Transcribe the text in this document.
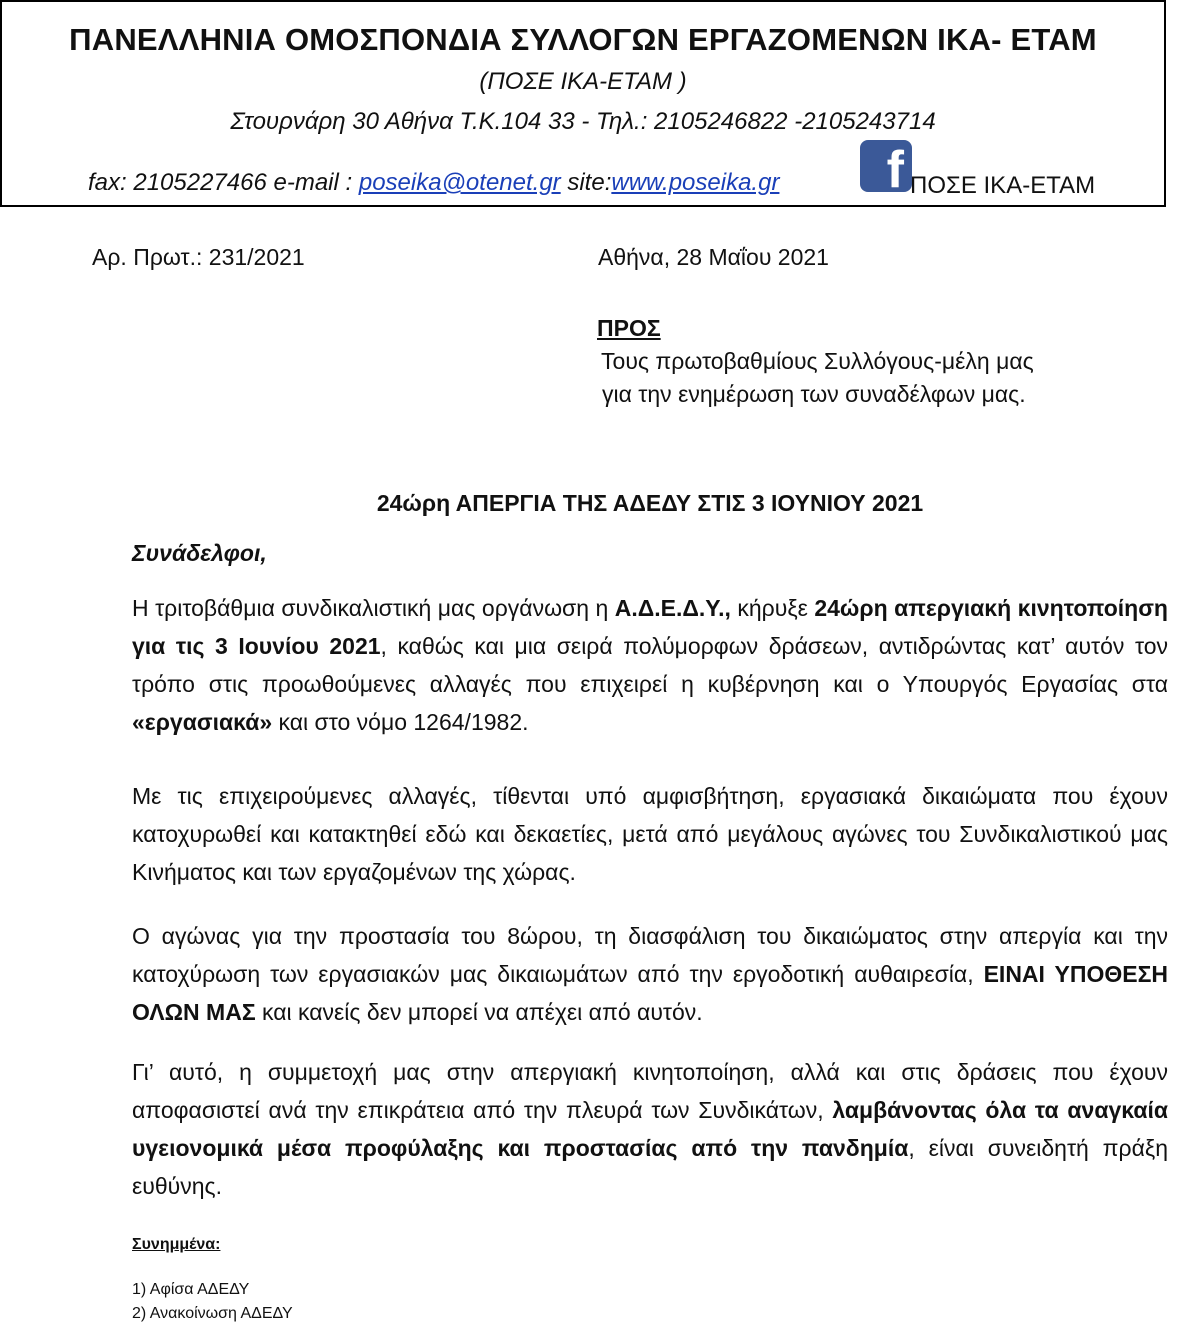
ΠΑΝΕΛΛΗΝΙΑ ΟΜΟΣΠΟΝΔΙΑ ΣΥΛΛΟΓΩΝ ΕΡΓΑΖΟΜΕΝΩΝ ΙΚΑ- ΕΤΑΜ
(ΠΟΣΕ ΙΚΑ-ΕΤΑΜ )
Στουρνάρη 30 Αθήνα Τ.Κ.104 33 - Τηλ.: 2105246822 -2105243714
fax: 2105227466 e-mail : poseika@otenet.gr site:www.poseika.gr f ΠΟΣΕ ΙΚΑ-ΕΤΑΜ
Αρ. Πρωτ.: 231/2021	Αθήνα, 28 Μαΐου 2021
ΠΡΟΣ
Τους πρωτοβαθμίους Συλλόγους-μέλη μας
για την ενημέρωση των συναδέλφων μας.
24ώρη ΑΠΕΡΓΙΑ ΤΗΣ ΑΔΕΔΥ ΣΤΙΣ 3 ΙΟΥΝΙΟΥ 2021
Συνάδελφοι,

Η τριτοβάθμια συνδικαλιστική μας οργάνωση η Α.Δ.Ε.Δ.Υ., κήρυξε 24ώρη απεργιακή κινητοποίηση για τις 3 Ιουνίου 2021, καθώς και μια σειρά πολύμορφων δράσεων, αντιδρώντας κατ’ αυτόν τον τρόπο στις προωθούμενες αλλαγές που επιχειρεί η κυβέρνηση και ο Υπουργός Εργασίας στα «εργασιακά» και στο νόμο 1264/1982.

Με τις επιχειρούμενες αλλαγές, τίθενται υπό αμφισβήτηση, εργασιακά δικαιώματα που έχουν κατοχυρωθεί και κατακτηθεί εδώ και δεκαετίες, μετά από μεγάλους αγώνες του Συνδικαλιστικού μας Κινήματος και των εργαζομένων της χώρας.

Ο αγώνας για την προστασία του 8ώρου, τη διασφάλιση του δικαιώματος στην απεργία και την κατοχύρωση των εργασιακών μας δικαιωμάτων από την εργοδοτική αυθαιρεσία, ΕΙΝΑΙ ΥΠΟΘΕΣΗ ΟΛΩΝ ΜΑΣ και κανείς δεν μπορεί να απέχει από αυτόν.

Γι’ αυτό, η συμμετοχή μας στην απεργιακή κινητοποίηση, αλλά και στις δράσεις που έχουν αποφασιστεί ανά την επικράτεια από την πλευρά των Συνδικάτων, λαμβάνοντας όλα τα αναγκαία υγειονομικά μέσα προφύλαξης και προστασίας από την πανδημία, είναι συνειδητή πράξη ευθύνης.

Συνημμένα:
1) Αφίσα ΑΔΕΔΥ
2) Ανακοίνωση ΑΔΕΔΥ
